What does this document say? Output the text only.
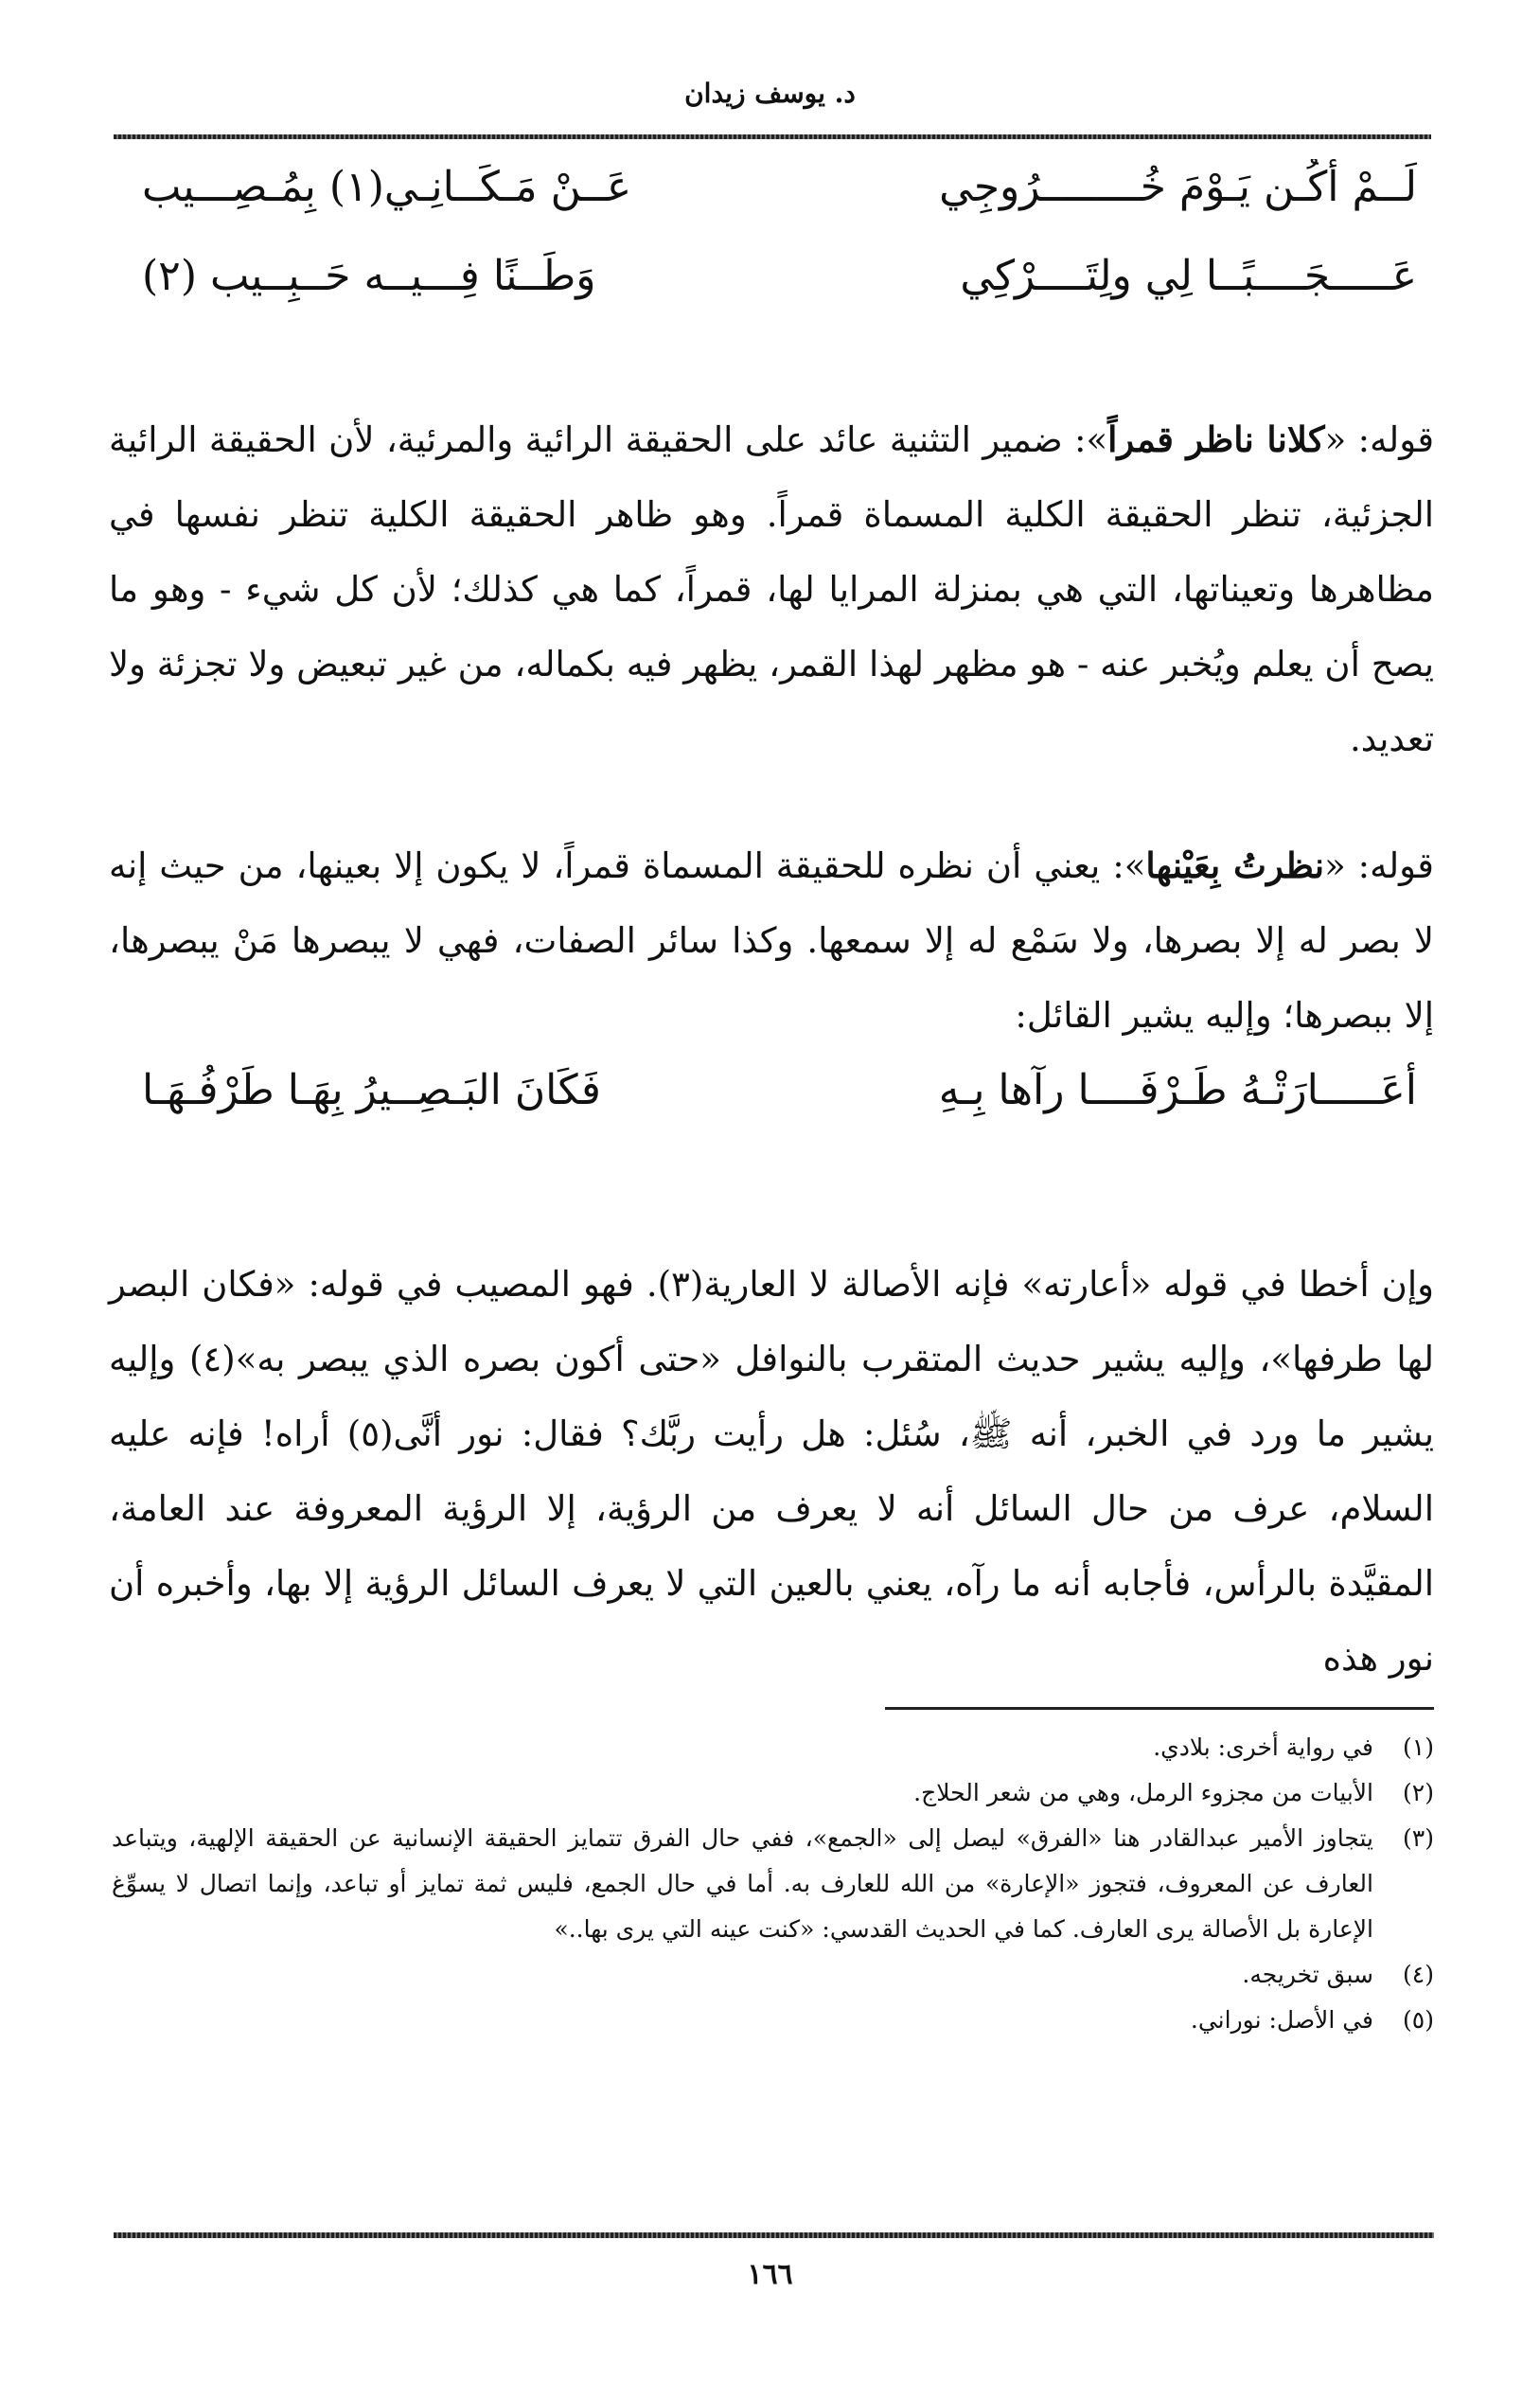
د. يوسف زيدان
لَــمْ أكُـن يَـوْمَ خُــــــــرُوجِي
عَــنْ مَـكَــانِـي(١) بِمُـصِـــيب
عَـــــجَــــبًــا لِي ولِتَــــرْكِي
وَطَــنًا فِـــيــه حَــبِــيب (٢)

قوله: «كلانا ناظر قمراً»: ضمير التثنية عائد على الحقيقة الرائية والمرئية، لأن الحقيقة الرائية الجزئية، تنظر الحقيقة الكلية المسماة قمراً. وهو ظاهر الحقيقة الكلية تنظر نفسها في مظاهرها وتعيناتها، التي هي بمنزلة المرايا لها، قمراً، كما هي كذلك؛ لأن كل شيء - وهو ما يصح أن يعلم ويُخبر عنه - هو مظهر لهذا القمر، يظهر فيه بكماله، من غير تبعيض ولا تجزئة ولا تعديد.

قوله: «نظرتُ بِعَيْنها»: يعني أن نظره للحقيقة المسماة قمراً، لا يكون إلا بعينها، من حيث إنه لا بصر له إلا بصرها، ولا سَمْع له إلا سمعها. وكذا سائر الصفات، فهي لا يبصرها مَنْ يبصرها، إلا ببصرها؛ وإليه يشير القائل:

أعَـــــارَتْـهُ طَـرْفَــــا رآها بِـهِ
فَكَانَ البَـصِــيرُ بِهَـا طَرْفُـهَـا

وإن أخطا في قوله «أعارته» فإنه الأصالة لا العارية(٣). فهو المصيب في قوله: «فكان البصر لها طرفها»، وإليه يشير حديث المتقرب بالنوافل «حتى أكون بصره الذي يبصر به»(٤) وإليه يشير ما ورد في الخبر، أنه ﷺ، سُئل: هل رأيت ربَّك؟ فقال: نور أنَّى(٥) أراه! فإنه عليه السلام، عرف من حال السائل أنه لا يعرف من الرؤية، إلا الرؤية المعروفة عند العامة، المقيَّدة بالرأس، فأجابه أنه ما رآه، يعني بالعين التي لا يعرف السائل الرؤية إلا بها، وأخبره أن نور هذه

(١)
في رواية أخرى: بلادي.
(٢)
الأبيات من مجزوء الرمل، وهي من شعر الحلاج.
(٣)
يتجاوز الأمير عبدالقادر هنا «الفرق» ليصل إلى «الجمع»، ففي حال الفرق تتمايز الحقيقة الإنسانية عن الحقيقة الإلهية، ويتباعد العارف عن المعروف، فتجوز «الإعارة» من الله للعارف به. أما في حال الجمع، فليس ثمة تمايز أو تباعد، وإنما اتصال لا يسوِّغ الإعارة بل الأصالة يرى العارف. كما في الحديث القدسي: «كنت عينه التي يرى بها..»
(٤)
سبق تخريجه.
(٥)
في الأصل: نوراني.
١٦٦
